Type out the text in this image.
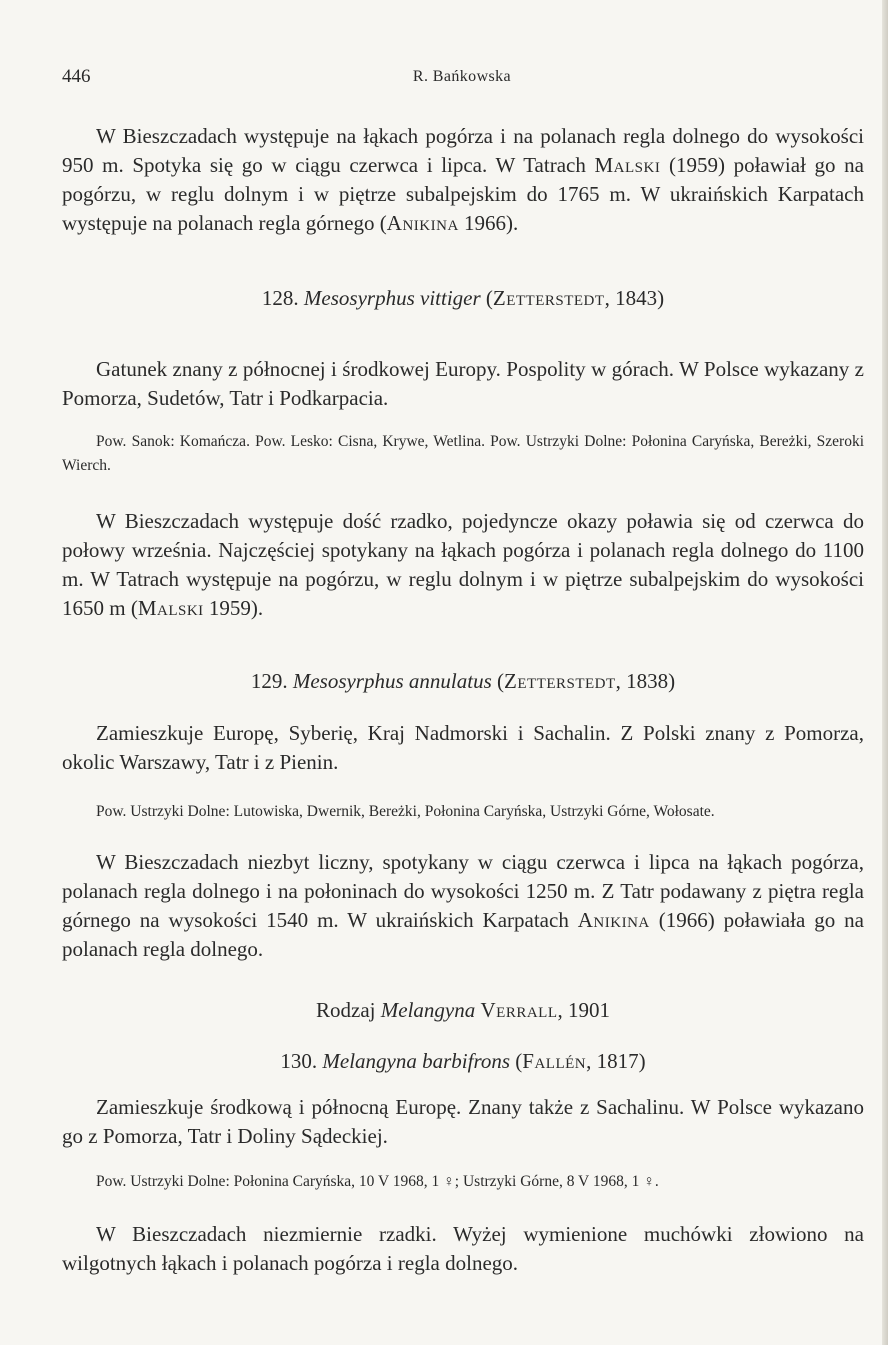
446	R. Bańkowska

W Bieszczadach występuje na łąkach pogórza i na polanach regla dolnego do wysokości 950 m. Spotyka się go w ciągu czerwca i lipca. W Tatrach Malski (1959) poławiał go na pogórzu, w reglu dolnym i w piętrze subalpejskim do 1765 m. W ukraińskich Karpatach występuje na polanach regla górnego (Anikina 1966).

128. Mesosyrphus vittiger (Zetterstedt, 1843)

Gatunek znany z północnej i środkowej Europy. Pospolity w górach. W Polsce wykazany z Pomorza, Sudetów, Tatr i Podkarpacia.

Pow. Sanok: Komańcza. Pow. Lesko: Cisna, Krywe, Wetlina. Pow. Ustrzyki Dolne: Połonina Caryńska, Bereżki, Szeroki Wierch.

W Bieszczadach występuje dość rzadko, pojedyncze okazy poławia się od czerwca do połowy września. Najczęściej spotykany na łąkach pogórza i polanach regla dolnego do 1100 m. W Tatrach występuje na pogórzu, w reglu dolnym i w piętrze subalpejskim do wysokości 1650 m (Malski 1959).

129. Mesosyrphus annulatus (Zetterstedt, 1838)

Zamieszkuje Europę, Syberię, Kraj Nadmorski i Sachalin. Z Polski znany z Pomorza, okolic Warszawy, Tatr i z Pienin.

Pow. Ustrzyki Dolne: Lutowiska, Dwernik, Bereżki, Połonina Caryńska, Ustrzyki Górne, Wołosate.

W Bieszczadach niezbyt liczny, spotykany w ciągu czerwca i lipca na łąkach pogórza, polanach regla dolnego i na połoninach do wysokości 1250 m. Z Tatr podawany z piętra regla górnego na wysokości 1540 m. W ukraińskich Karpatach Anikina (1966) poławiała go na polanach regla dolnego.

Rodzaj Melangyna Verrall, 1901
130. Melangyna barbifrons (Fallén, 1817)

Zamieszkuje środkową i północną Europę. Znany także z Sachalinu. W Polsce wykazano go z Pomorza, Tatr i Doliny Sądeckiej.

Pow. Ustrzyki Dolne: Połonina Caryńska, 10 V 1968, 1 ♀; Ustrzyki Górne, 8 V 1968, 1 ♀.

W Bieszczadach niezmiernie rzadki. Wyżej wymienione muchówki złowiono na wilgotnych łąkach i polanach pogórza i regla dolnego.
